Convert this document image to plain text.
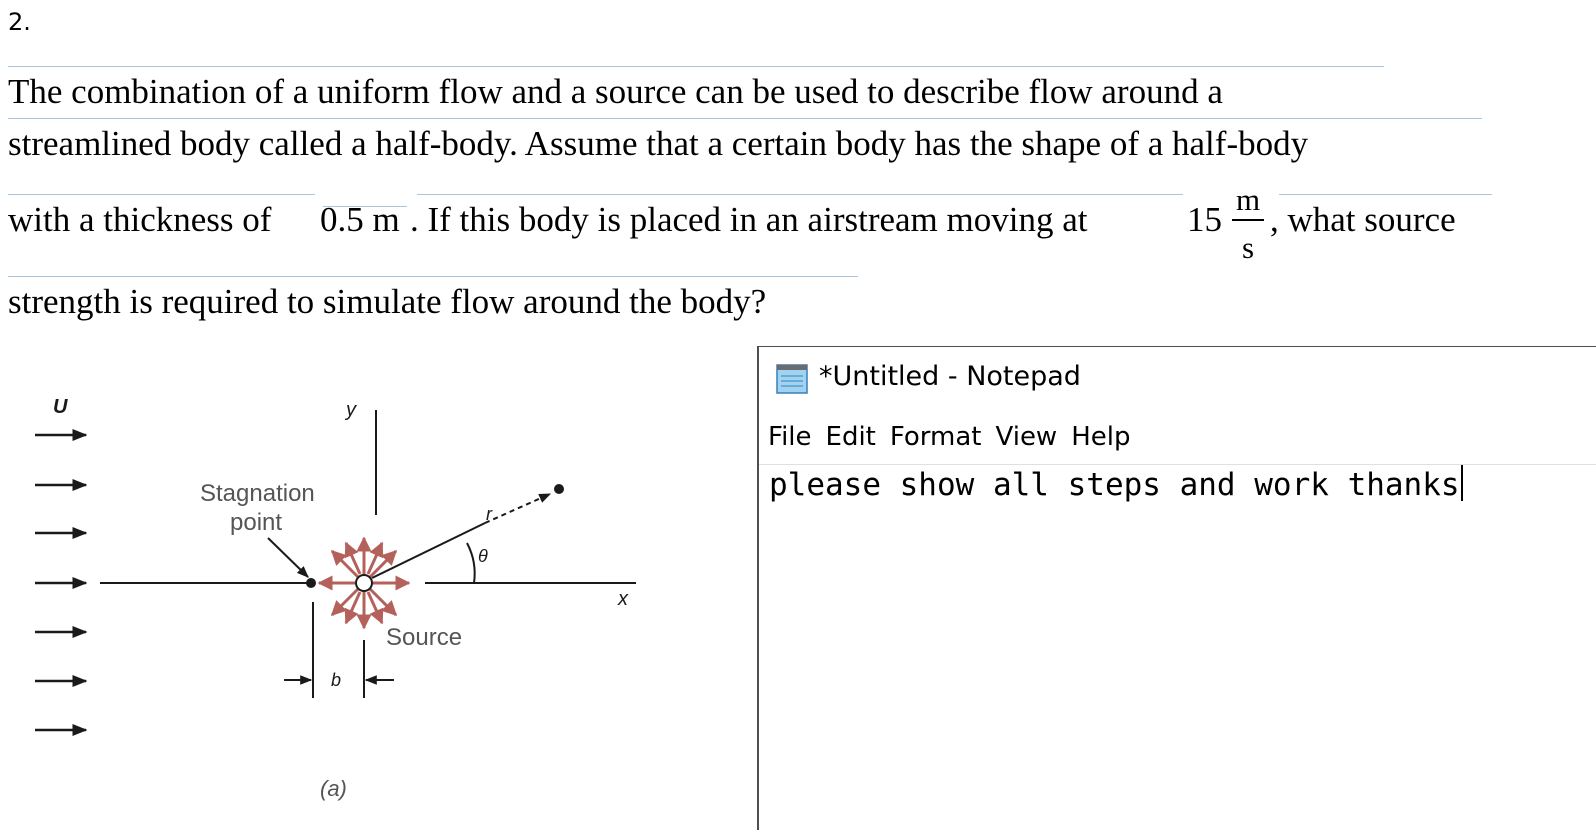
2.
The combination of a uniform flow and a source can be used to describe flow around a
streamlined body called a half-body. Assume that a certain body has the shape of a half-body
with a thickness of 0.5 m . If this body is placed in an airstream moving at	15
m
s
, what source
strength is required to simulate flow around the body?
U	y
x
Stagnation
point	r
θ
Source
b
(a)
*Untitled - Notepad
File Edit Format View Help
please show all steps and work thanks
